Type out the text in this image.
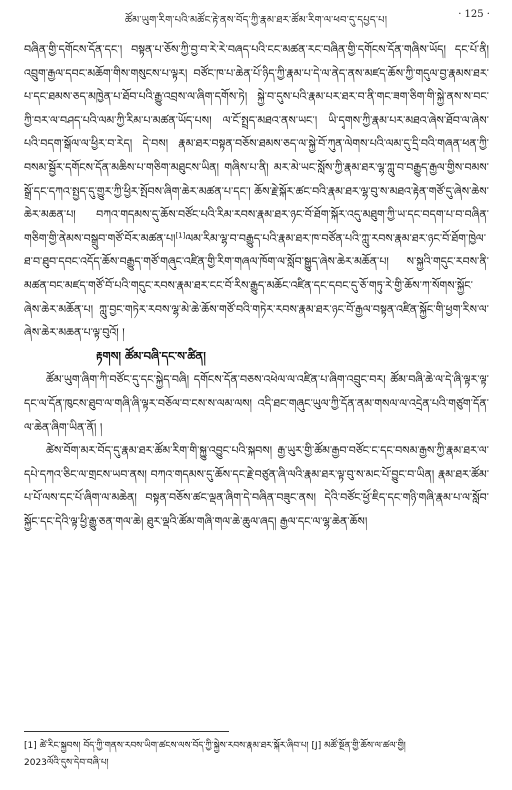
ཚོམ་ཡུག་རིག་པའི་མཚོང་རྟེ་ནས་བོད་ཀྱི་རྣམ་ཐར་ཚོམ་རིག་ལ་ཕབ་དུ་དཔྱད་པ།
· 125 ·

བཞིན་གྱི་དགོངས་དོན་དང་། བསྟན་པ་ཅོས་ཀྱི་བྱ་བ་རེ་རེ་བཞད་པའི་ངང་མཚན་རང་བཞིན་གྱི་དགོངས་དོན་གཞིས་ཡོད། དང་པོ་ནི། འབྲུག་རྒྱལ་དབང་མཆོག་གིས་གསུངས་པ་ལྟར། བཙོང་ཁ་པ་ཆེན་པོ་ཉིད་ཀྱི་རྣམ་པ་དེ་ལ་ནེད་ནས་མཛད་ཆོས་ཀྱི་གདུལ་བྱ་རྣམས་ཐར་པ་དང་ཐམས་ཅད་མཁྱེན་པ་ཐོབ་པའི་རྒྱུ་འབྲས་ལ་ཞིག་དགོས་ཏེ། སྐྱེ་བ་དུས་པའི་རྣམ་པར་ཐར་བ་ནི་གང་ཟག་ཅིག་གི་སྐྱེ་ནས་ས་བང་ཀྱི་བར་ལ་བཤད་པའི་ལམ་ཀྱི་རིམ་པ་མཚན་ཡོད་པས། ལ་ངོ་སྤྲད་མཐའ་ནས་ཡང་། ཡི་དྭགས་ཀྱི་རྣམ་པར་མཐའ་ཞེས་ཐོབ་ལ་ཞེས་པའི་བདག་སྒོལ་ལ་ཕྱིར་བ་རེད། དེ་བས། རྣམ་ཐར་བསྟན་བཅོས་ཐམས་ཅད་ལ་སྐྱེ་བོ་ཀུན་ལེགས་པའི་ལམ་དུ་དྲི་བའི་གཞན་ཕན་ཀྱི་བསམ་སྦྱོར་དགོངས་དོན་མཆིས་པ་གཅིག་མཐུངས་ཡིན། གཞིས་པ་ནི། མར་མེ་ཡང་སློས་ཀྱི་རྣམ་ཐར་ལྷ་ཀླུ་བ་བརྒྱུད་རྒྱལ་གྱིས་བམས་སྒྲོ་དང་དཀའ་སྤྱད་དུ་གྱུར་ཀྱི་ཕྱིར་སྤོབས་ཞིག་ཆེར་མཚན་པ་དང་། ཆོས་རྗེ་སྐོར་ཚང་བའི་རྣམ་ཐར་ལྷ་བུ་ས་མཐའ་རྟེན་གཙོ་དུ་ཞེས་ཆེས་ཆེར་མཆན་པ། བཀའ་གདམས་དུ་ཆོས་བཙོང་པའི་རིམ་རབས་རྣམ་ཐར་ཉང་བོ་ཐོག་སྐོར་འདུ་མཐུག་ཀྱི་ཡ་དང་བདག་པ་བ་བཞིན་གཅིག་གྱི་ནེམས་བསྒྲུབ་གཙོ་བོར་མཚན་པ།[1]ལམ་རིམ་ལྷ་བ་བརྒྱུད་པའི་རྣམ་ཐར་ཁ་བཙོན་པའི་ཀླུ་རབས་རྣམ་ཐར་ཉང་བོ་ཐོག་ཁྱེལ་ཐ་བ་ཐུབ་དབང་འདོད་ཆོས་བརྒྱུད་གཙོ་གཞུང་འཛིན་གྱི་རིག་གཞལ་ཁོག་ལ་སློབ་སྒྱུད་ཞེས་ཆེར་མཆོན་པ། ས་སྐྱའི་གདུང་རབས་ནི་མཚན་བང་མཛད་གཙོ་བོ་པའི་གདུང་རབས་རྣམ་ཐར་ངང་བོ་རིས་རྒྱུད་མཆོང་འཛིན་དང་དབང་དུ་ཅོ་གཏུ་རེ་གྱི་ཆོས་ཀ་སོགས་སྐྱོང་ཞེས་ཆེར་མཆོན་པ། ཀླུ་བྱང་གཏེར་རབས་ལྷ་མེ་ཆེ་ཆོས་གཙོ་བའི་གཏེར་རབས་རྣམ་ཐར་ཉང་བོ་རྒྱལ་བསྟན་འཛིན་སྐྱོང་གི་ཕྱག་རིས་ལ་ཞེས་ཆེར་མཆན་པ་ལྟ་བུའོ། །

རྟགས། ཚོམ་བཞི་དང་ས་ཚིན།

ཚོམ་ཡུག་ཞིག་ཀི་བཙོང་དུ་དང་སྐྱེད་བཞི། དགོངས་དོན་བཅས་འཕེལ་ལ་འཛིན་པ་ཞིག་འབྲུང་བར། ཚོམ་བཞི་ཆེ་ལ་དེ་ཞི་ལྟར་ལྟ་དང་ལ་དོན་ཁུངས་ཐུབ་ལ་གཞི་ཞི་ལྟར་བཅོལ་བ་ངས་ས་ལམ་ལས། འདི་ཐང་གཞུང་ཡུལ་ཀྱི་དོན་ནམ་གསལ་ལ་འདྲེན་པའི་གཙུག་དོན་ལ་ཆེན་ཞིག་ཡིན་ནོ། །

ཚེས་བོག་མར་བོད་དུ་རྣམ་ཐར་ཚོམ་རིག་གི་སྐྱུ་འབྱུང་པའི་སྐབས། རྒྱ་ཡུར་གྱི་ཚོམ་རྒྱབ་བཙོང་ང་དང་བསམ་རྒྱས་ཀྱི་རྣམ་ཐར་ལ་དཔེ་དཀའ་ཅིང་ལ་གྲངས་ཡབ་ནས། བཀའ་གདམས་དུ་ཆོས་དང་རྗེ་བཙུན་ཞི་ལའི་རྣམ་ཐར་ལྟ་བུ་ས་མང་པོ་བྱུང་བ་ཡིན། རྣམ་ཐར་ཚོམ་པ་པོ་ལས་དང་པོ་ཞིག་ལ་མཆེན། བསྟན་བཅོས་ཚང་ལྡན་ཞིག་དེ་བཞིན་བཟུང་ནས། དེའི་བཙོང་ཕྱོ་ཇིད་དང་གཉི་གཞི་རྣམ་པ་ལ་སློབ་སྐྱོང་དང་དེའི་ལྟ་ཕྱི་རྒྱུ་ཅན་གལ་ཆེ། ཐུར་ལྡའི་ཚོམ་གཞི་གལ་ཆེ་ཆུལ་ཞད། རྒྱལ་དང་ལ་ལྷ་ཆེན་ཆོས།

[1] ཚེ་རིང་སྐྱབས། བོད་ཀྱི་གནས་རབས་ཡིག་ཚངས་ལས་བོད་ཀྱི་སྐྱེས་རབས་རྣམ་ཐར་སྐོར་ཞིབ་པ། [J] མཚོ་སྔོན་གྱི་ཆོས་ལ་ཚལ་གྱི།
2023ལོའི་དུས་དེབ་བཞི་པ།
